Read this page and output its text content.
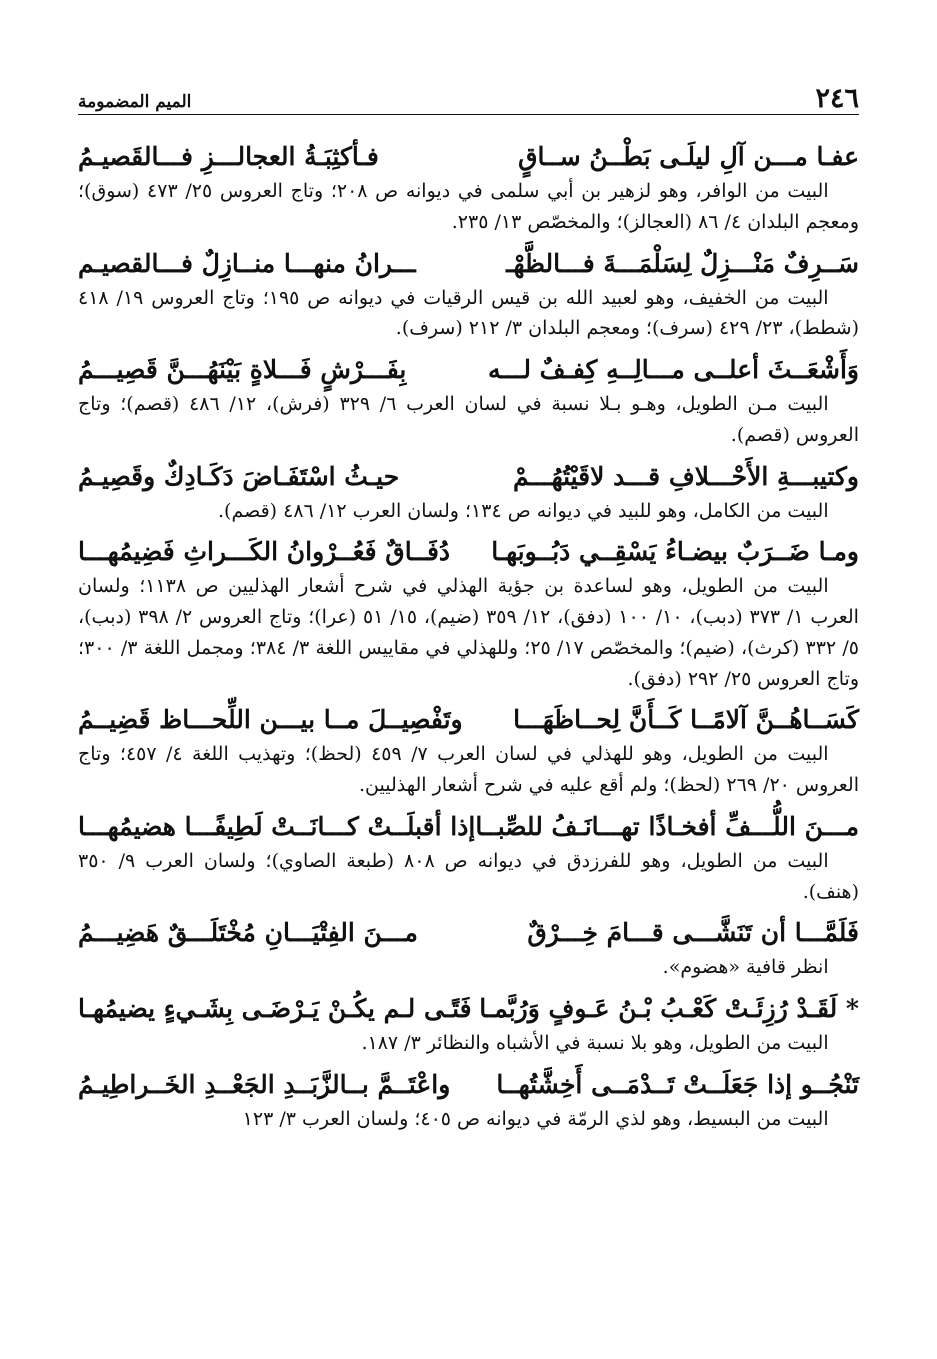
٢٤٦
الميم المضمومة
عفـا مـــن آلِ ليلَـى بَطْــنُ ســاقٍ
فـأكثِبَـةُ العجالـــزِ فـــالقَصيـمُ

البيت من الوافر، وهو لزهير بن أبي سلمى في ديوانه ص ٢٠٨؛ وتاج العروس ٢٥/ ٤٧٣ (سوق)؛ ومعجم البلدان ٤/ ٨٦ (العجالز)؛ والمخصّص ١٣/ ٢٣٥.

سَــرِفٌ مَنْـــزِلٌ لِسَلْمَـــةَ فـــالظَّهْـ
ـــرانُ منهـــا منــازِلٌ فـــالقصيـم

البيت من الخفيف، وهو لعبيد الله بن قيس الرقيات في ديوانه ص ١٩٥؛ وتاج العروس ١٩/ ٤١٨ (شطط)، ٢٣/ ٤٢٩ (سرف)؛ ومعجم البلدان ٣/ ٢١٢ (سرف).

وَأَشْعَــثَ أعلــى مـــالِــهِ كِفـفٌ لـــه
بِفَـــرْشٍ فَـــلاةٍ بَيْنَهُـــنَّ قَصِيـــمُ

البيت مـن الطويل، وهـو بـلا نسبة في لسان العرب ٦/ ٣٢٩ (فرش)، ١٢/ ٤٨٦ (قصم)؛ وتاج العروس (قصم).

وكتيبـــةِ الأَحْـــلافِ قـــد لاقَيْتُهُـــمْ
حيـثُ اسْتَفَـاضَ دَكَـادِكٌ وقَصِيـمُ

البيت من الكامل، وهو للبيد في ديوانه ص ١٣٤؛ ولسان العرب ١٢/ ٤٨٦ (قصم).

ومـا ضَــرَبٌ بيضـاءُ يَسْقِــي دَبُــوبَهـا
دُفَــاقٌ فَعُــرْوانُ الكَـــراثِ فَضِيمُهـــا

البيت من الطويل، وهو لساعدة بن جؤية الهذلي في شرح أشعار الهذليين ص ١١٣٨؛ ولسان العرب ١/ ٣٧٣ (دبب)، ١٠/ ١٠٠ (دفق)، ١٢/ ٣٥٩ (ضيم)، ١٥/ ٥١ (عرا)؛ وتاج العروس ٢/ ٣٩٨ (دبب)، ٥/ ٣٣٢ (كرث)، (ضيم)؛ والمخصّص ١٧/ ٢٥؛ وللهذلي في مقاييس اللغة ٣/ ٣٨٤؛ ومجمل اللغة ٣/ ٣٠٠؛ وتاج العروس ٢٥/ ٢٩٢ (دفق).

كَسَــاهُــنَّ آلامًــا كَــأَنَّ لِحــاظَهَـــا
وتَفْصِيــلَ مــا بيـــن اللِّحـــاظ قَضِيــمُ

البيت من الطويل، وهو للهذلي في لسان العرب ٧/ ٤٥٩ (لحظ)؛ وتهذيب اللغة ٤/ ٤٥٧؛ وتاج العروس ٢٠/ ٢٦٩ (لحظ)؛ ولم أقع عليه في شرح أشعار الهذليين.

مـــنَ اللُّـــفِّ أفخـاذًا تهـــانَـفُ للصِّبــا
إذا أقبلَــتْ كـــانَــتْ لَطِيفًـــا هضيمُهـــا

البيت من الطويل، وهو للفرزدق في ديوانه ص ٨٠٨ (طبعة الصاوي)؛ ولسان العرب ٩/ ٣٥٠ (هنف).

فَلَمَّـــا أن تَنَشَّـــى قـــامَ خِـــرْقٌ
مـــنَ الفِتْيَـــانِ مُخْتَلَـــقٌ هَضِيـــمُ

انظر قافية «هضوم».

* لَقَـدْ رُزِئَـتْ كَعْـبُ بْـنُ عَـوفٍ وَرُبَّمـا
فَتًـى لـم يكُـنْ يَـرْضَـى بِشَـيءٍ يضيمُهـا

البيت من الطويل، وهو بلا نسبة في الأشباه والنظائر ٣/ ١٨٧.

تَنْجُــو إذا جَعَلَــتْ تَــدْمَــى أَخِشَّتُهــا
واعْتَــمَّ بــالزَّبَــدِ الجَعْــدِ الخَــراطِيـمُ

البيت من البسيط، وهو لذي الرمّة في ديوانه ص ٤٠٥؛ ولسان العرب ٣/ ١٢٣
